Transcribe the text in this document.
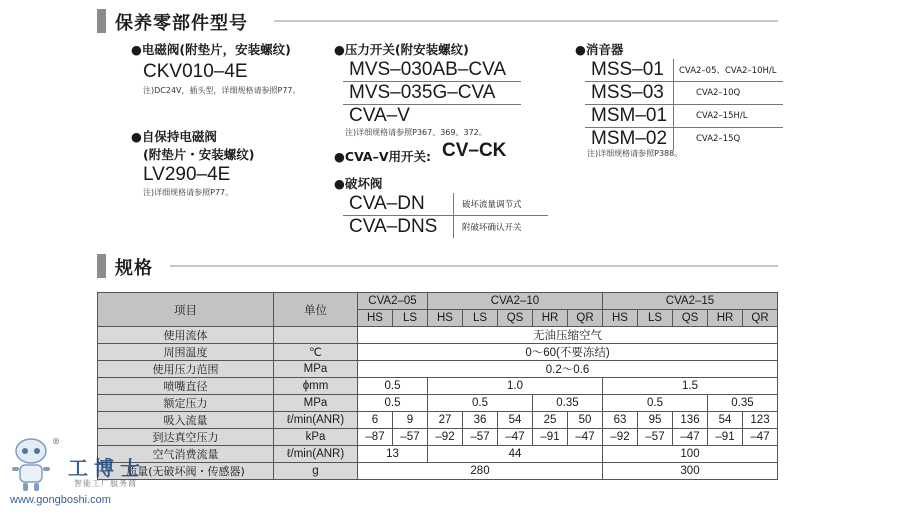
保养零部件型号
●电磁阀(附垫片，安装螺纹)
CKV010–4E
注)DC24V，插头型，详细规格请参照P77。
●自保持电磁阀
(附垫片・安装螺纹)
LV290–4E
注)详细规格请参照P77。
●压力开关(附安装螺纹)
MVS–030AB–CVA
MVS–035G–CVA
CVA–V
注)详细规格请参照P367、369、372。
●CVA–V用开关: CV–CK
●破坏阀
CVA–DN	破坏流量调节式
CVA–DNS	附破坏确认开关
●消音器
MSS–01	CVA2–05、CVA2–10H/L
MSS–03	CVA2–10Q
MSM–01	CVA2–15H/L
MSM–02	CVA2–15Q
注)详细规格请参照P388。
规格
项目	单位	CVA2–05		CVA2–10					CVA2–15				
		HS	LS	HS	LS	QS	HR	QR	HS	LS	QS	HR	QR
使用流体		无油压缩空气											
周围温度	℃	0～60(不要冻结)											
使用压力范围	MPa	0.2～0.6											
喷嘴直径	ϕmm	0.5		1.0					1.5				
额定压力	MPa	0.5		0.5			0.35		0.5			0.35	
吸入流量	ℓ/min(ANR)	6	9	27	36	54	25	50	63	95	136	54	123
到达真空压力	kPa	–87	–57	–92	–57	–47	–91	–47	–92	–57	–47	–91	–47
空气消费流量	ℓ/min(ANR)	13		44					100				
质量(无破坏阀・传感器)	g	280							300				
®
工博士
智能工厂服务商
www.gongboshi.com
